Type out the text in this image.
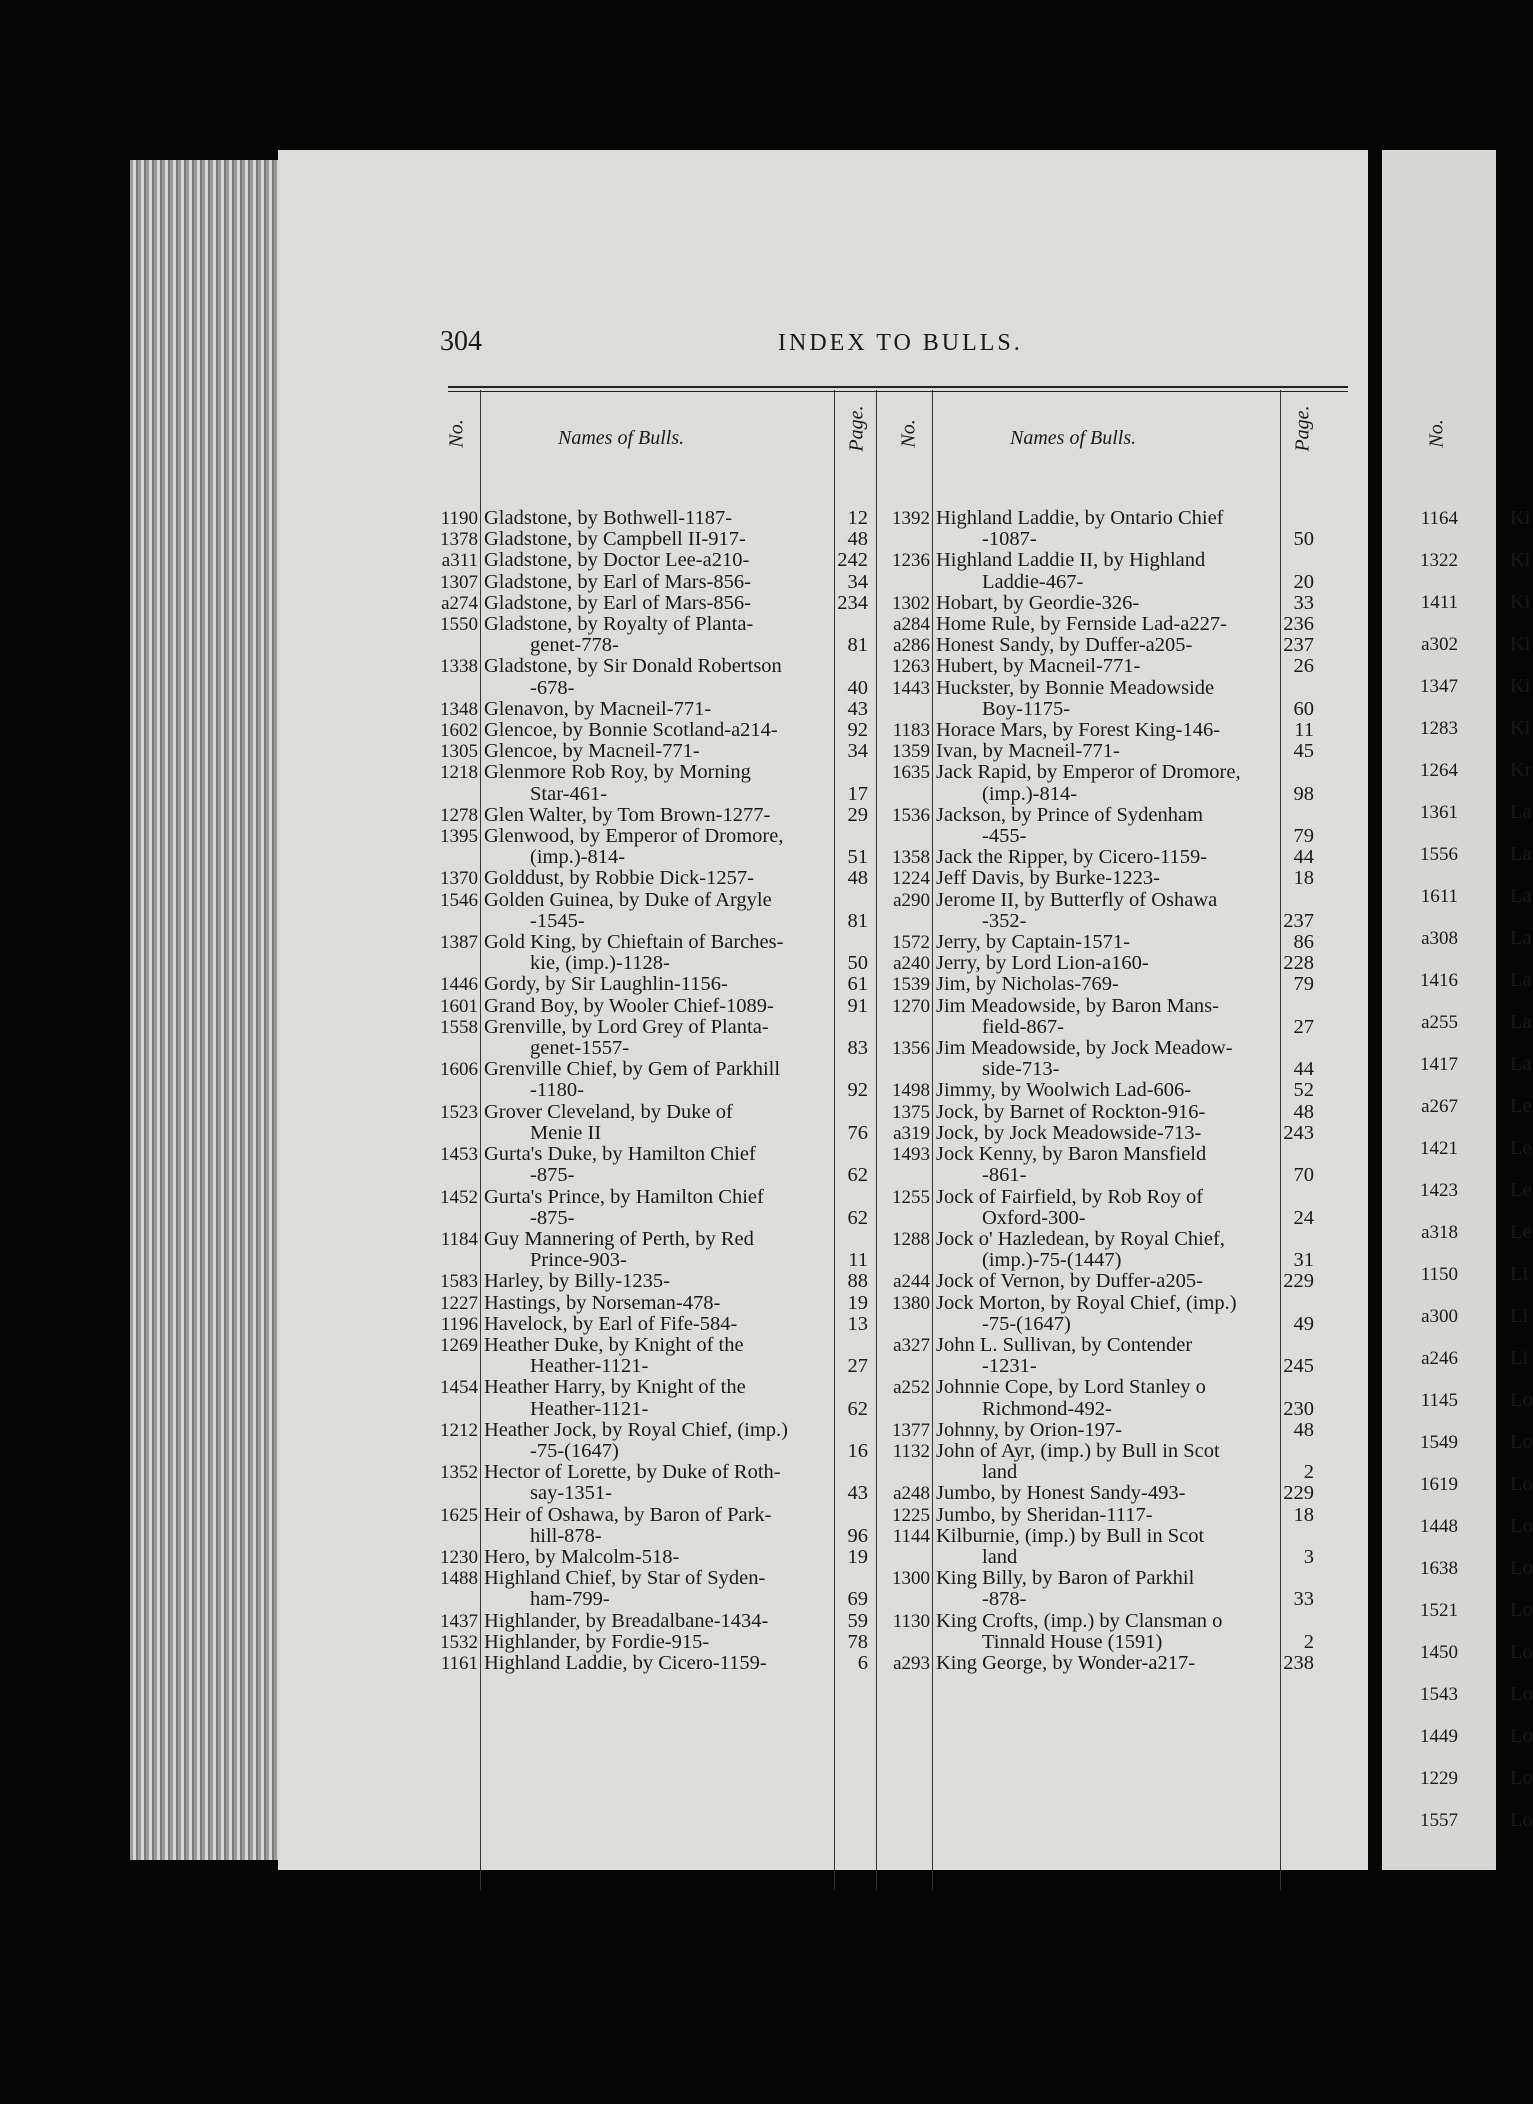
304	INDEX TO BULLS.
No.	Names of Bulls.	Page.
1190 Gladstone, by Bothwell-1187-	12
1378 Gladstone, by Campbell II-917-	48
a311 Gladstone, by Doctor Lee-a210-	242
1307 Gladstone, by Earl of Mars-856-	34
a274 Gladstone, by Earl of Mars-856-	234
1550 Gladstone, by Royalty of Planta-
genet-778-	81
1338 Gladstone, by Sir Donald Robertson
-678-	40
1348 Glenavon, by Macneil-771-	43
1602 Glencoe, by Bonnie Scotland-a214-	92
1305 Glencoe, by Macneil-771-	34
1218 Glenmore Rob Roy, by Morning
Star-461-	17
1278 Glen Walter, by Tom Brown-1277-	29
1395 Glenwood, by Emperor of Dromore,
(imp.)-814-	51
1370 Golddust, by Robbie Dick-1257-	48
1546 Golden Guinea, by Duke of Argyle
-1545-	81
1387 Gold King, by Chieftain of Barches-
kie, (imp.)-1128-	50
1446 Gordy, by Sir Laughlin-1156-	61
1601 Grand Boy, by Wooler Chief-1089-	91
1558 Grenville, by Lord Grey of Planta-
genet-1557-	83
1606 Grenville Chief, by Gem of Parkhill
-1180-	92
1523 Grover Cleveland, by Duke of
Menie II	76
1453 Gurta's Duke, by Hamilton Chief
-875-	62
1452 Gurta's Prince, by Hamilton Chief
-875-	62
1184 Guy Mannering of Perth, by Red
Prince-903-	11
1583 Harley, by Billy-1235-	88
1227 Hastings, by Norseman-478-	19
1196 Havelock, by Earl of Fife-584-	13
1269 Heather Duke, by Knight of the
Heather-1121-	27
1454 Heather Harry, by Knight of the
Heather-1121-	62
1212 Heather Jock, by Royal Chief, (imp.)
-75-(1647)	16
1352 Hector of Lorette, by Duke of Roth-
say-1351-	43
1625 Heir of Oshawa, by Baron of Park-
hill-878-	96
1230 Hero, by Malcolm-518-	19
1488 Highland Chief, by Star of Syden-
ham-799-	69
1437 Highlander, by Breadalbane-1434-	59
1532 Highlander, by Fordie-915-	78
1161 Highland Laddie, by Cicero-1159-	6
No.	Names of Bulls.	Page.
1392 Highland Laddie, by Ontario Chief
-1087-	50
1236 Highland Laddie II, by Highland
Laddie-467-	20
1302 Hobart, by Geordie-326-	33
a284 Home Rule, by Fernside Lad-a227-	236
a286 Honest Sandy, by Duffer-a205-	237
1263 Hubert, by Macneil-771-	26
1443 Huckster, by Bonnie Meadowside
Boy-1175-	60
1183 Horace Mars, by Forest King-146-	11
1359 Ivan, by Macneil-771-	45
1635 Jack Rapid, by Emperor of Dromore,
(imp.)-814-	98
1536 Jackson, by Prince of Sydenham
-455-	79
1358 Jack the Ripper, by Cicero-1159-	44
1224 Jeff Davis, by Burke-1223-	18
a290 Jerome II, by Butterfly of Oshawa
-352-	237
1572 Jerry, by Captain-1571-	86
a240 Jerry, by Lord Lion-a160-	228
1539 Jim, by Nicholas-769-	79
1270 Jim Meadowside, by Baron Mans-
field-867-	27
1356 Jim Meadowside, by Jock Meadow-
side-713-	44
1498 Jimmy, by Woolwich Lad-606-	52
1375 Jock, by Barnet of Rockton-916-	48
a319 Jock, by Jock Meadowside-713-	243
1493 Jock Kenny, by Baron Mansfield
-861-	70
1255 Jock of Fairfield, by Rob Roy of
Oxford-300-	24
1288 Jock o' Hazledean, by Royal Chief,
(imp.)-75-(1447)	31
a244 Jock of Vernon, by Duffer-a205-	229
1380 Jock Morton, by Royal Chief, (imp.)
-75-(1647)	49
a327 John L. Sullivan, by Contender
-1231-	245
a252 Johnnie Cope, by Lord Stanley o
Richmond-492-	230
1377 Johnny, by Orion-197-	48
1132 John of Ayr, (imp.) by Bull in Scot
land	2
a248 Jumbo, by Honest Sandy-493-	229
1225 Jumbo, by Sheridan-1117-	18
1144 Kilburnie, (imp.) by Bull in Scot
land	3
1300 King Billy, by Baron of Parkhil
-878-	33
1130 King Crofts, (imp.) by Clansman o
Tinnald House (1591)	2
a293 King George, by Wonder-a217-	238
No.
1164	Ki
1322	Ki
1411	Ki
a302	Ki
1347	Ki
1283	Ki
1264	Kr
1361	La
1556	La
1611	La
a308	La
1416	La
a255	La
1417	La
a267	Le
1421	Le
1423	Le
a318	Le
1150	Li
a300	Li
a246	Li
1145	Lo
1549	Lo
1619	Lo
1448	Lo
1638	Lo
1521	Lo
1450	Lo
1543	Lo
1449	Lo
1229	Lo
1557	Lo
